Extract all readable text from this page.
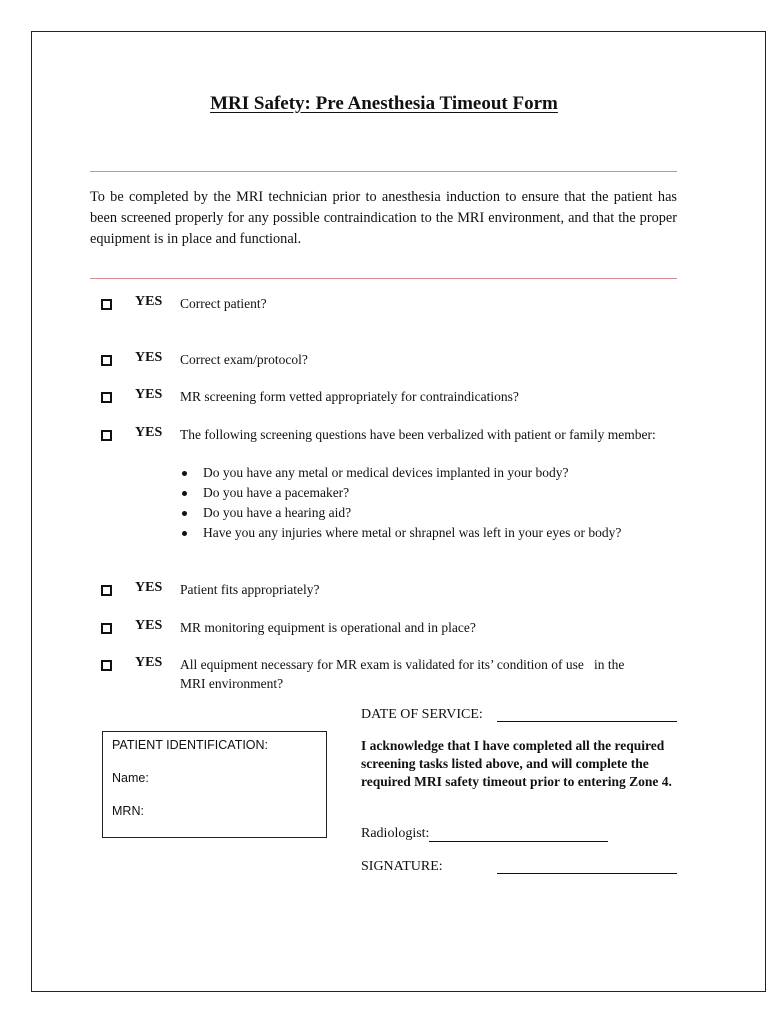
MRI Safety: Pre Anesthesia Timeout Form
To be completed by the MRI technician prior to anesthesia induction to ensure that the patient has been screened properly for any possible contraindication to the MRI environment, and that the proper equipment is in place and functional.
YES Correct patient?
YES Correct exam/protocol?
YES MR screening form vetted appropriately for contraindications?
YES The following screening questions have been verbalized with patient or family member:
Do you have any metal or medical devices implanted in your body?
Do you have a pacemaker?
Do you have a hearing aid?
Have you any injuries where metal or shrapnel was left in your eyes or body?
YES Patient fits appropriately?
YES MR monitoring equipment is operational and in place?
YES All equipment necessary for MR exam is validated for its’ condition of use   in the MRI environment?
DATE OF SERVICE:
PATIENT IDENTIFICATION:
Name:
MRN:
I acknowledge that I have completed all the required screening tasks listed above, and will complete the required MRI safety timeout prior to entering Zone 4.
Radiologist:
SIGNATURE:
